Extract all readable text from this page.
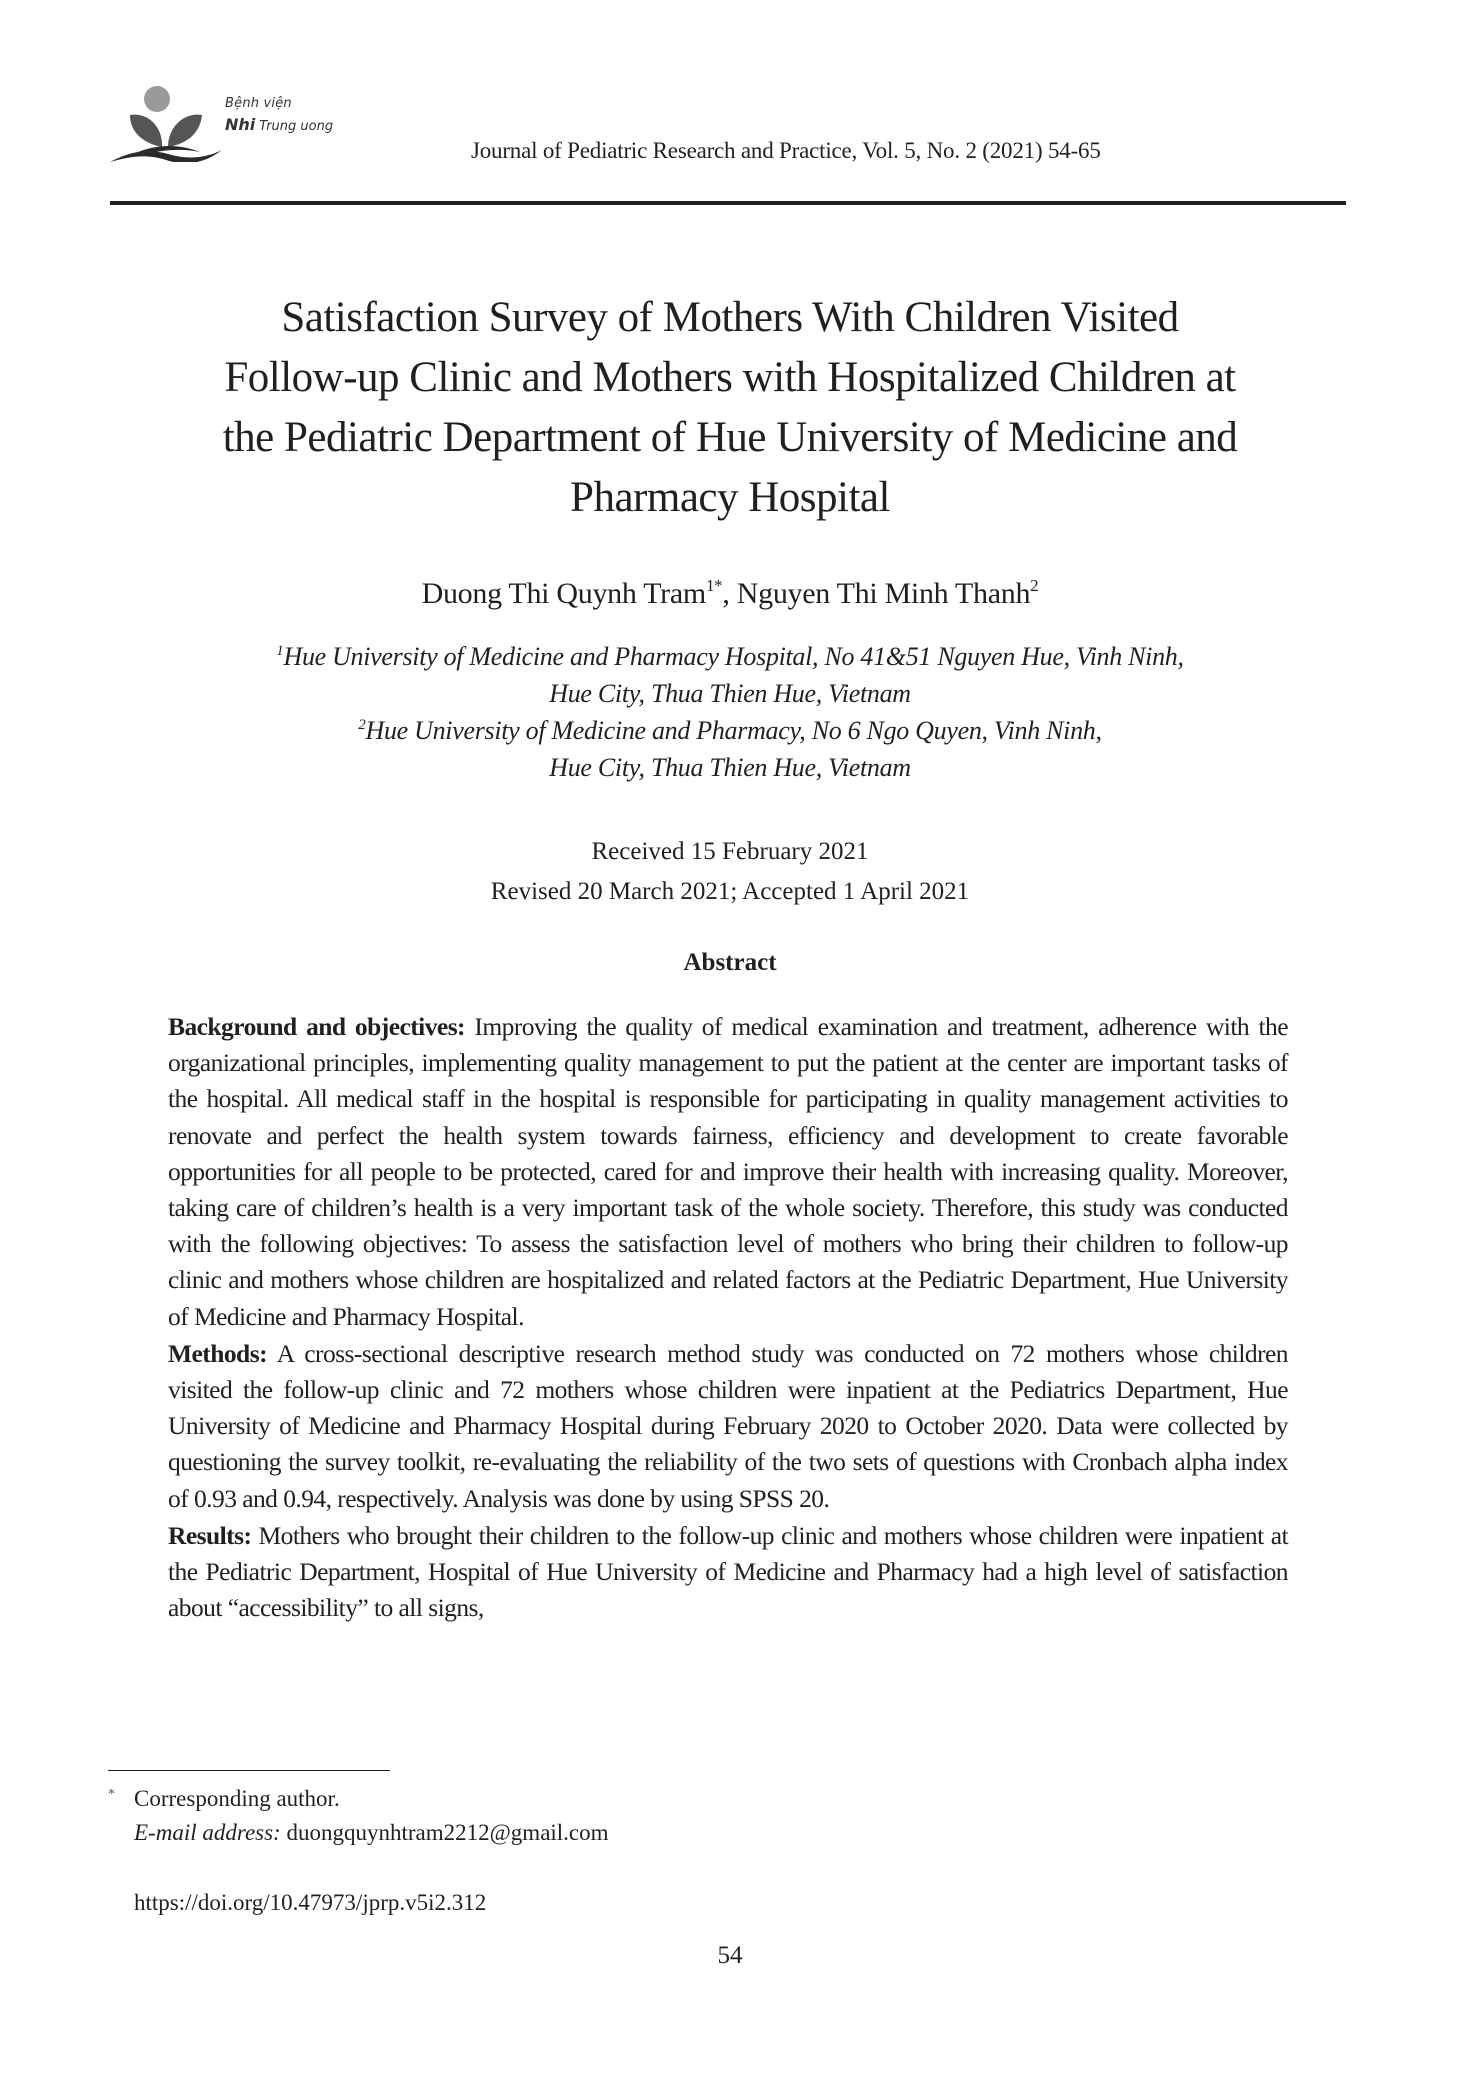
Bệnh viện
Nhi Trung uong
Journal of Pediatric Research and Practice, Vol. 5, No. 2 (2021) 54-65
Satisfaction Survey of Mothers With Children Visited
Follow-up Clinic and Mothers with Hospitalized Children at
the Pediatric Department of Hue University of Medicine and
Pharmacy Hospital
Duong Thi Quynh Tram$^{1*}$, Nguyen Thi Minh Thanh$^2$
$^1$Hue University of Medicine and Pharmacy Hospital, No 41&51 Nguyen Hue, Vinh Ninh,
Hue City, Thua Thien Hue, Vietnam
$^2$Hue University of Medicine and Pharmacy, No 6 Ngo Quyen, Vinh Ninh,
Hue City, Thua Thien Hue, Vietnam
Received 15 February 2021
Revised 20 March 2021; Accepted 1 April 2021
Abstract

Background and objectives: Improving the quality of medical examination and treatment, adherence with the organizational principles, implementing quality management to put the patient at the center are important tasks of the hospital. All medical staff in the hospital is responsible for participating in quality management activities to renovate and perfect the health system towards fairness, efficiency and development to create favorable opportunities for all people to be protected, cared for and improve their health with increasing quality. Moreover, taking care of children’s health is a very important task of the whole society. Therefore, this study was conducted with the following objectives: To assess the satisfaction level of mothers who bring their children to follow-up clinic and mothers whose children are hospitalized and related factors at the Pediatric Department, Hue University of Medicine and Pharmacy Hospital.

Methods: A cross-sectional descriptive research method study was conducted on 72 mothers whose children visited the follow-up clinic and 72 mothers whose children were inpatient at the Pediatrics Department, Hue University of Medicine and Pharmacy Hospital during February 2020 to October 2020. Data were collected by questioning the survey toolkit, re-evaluating the reliability of the two sets of questions with Cronbach alpha index of 0.93 and 0.94, respectively. Analysis was done by using SPSS 20.

Results: Mothers who brought their children to the follow-up clinic and mothers whose children were inpatient at the Pediatric Department, Hospital of Hue University of Medicine and Pharmacy had a high level of satisfaction about “accessibility” to all signs,

* Corresponding author.
E-mail address: duongquynhtram2212@gmail.com
https://doi.org/10.47973/jprp.v5i2.312
54
